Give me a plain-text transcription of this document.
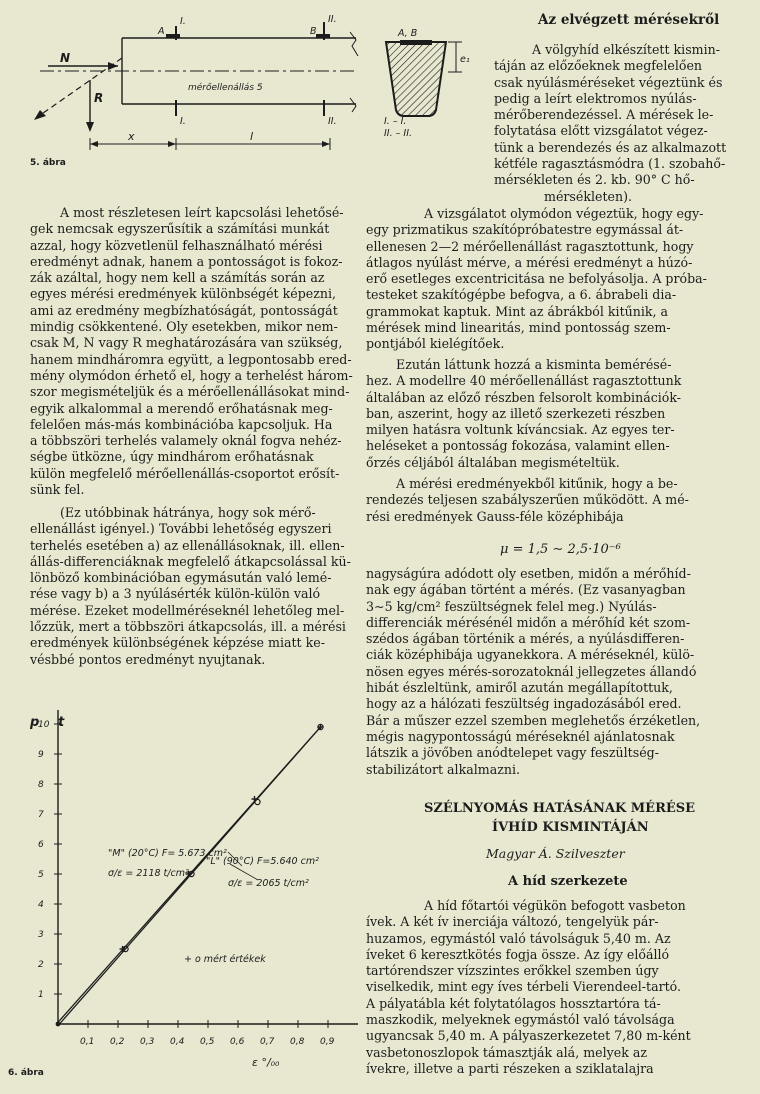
N
R
x	l
A	B
I.	II.
I.	II.
mérőellenállás 5
A, B
e₁
I. – I.
II. – II.

5. ábra

A most részletesen leírt kapcsolási lehetősé-
gek nemcsak egyszerűsítik a számítási munkát
azzal, hogy közvetlenül felhasználható mérési
eredményt adnak, hanem a pontosságot is fokoz-
zák azáltal, hogy nem kell a számítás során az
egyes mérési eredmények különbségét képezni,
ami az eredmény megbízhatóságát, pontosságát
mindig csökkentené. Oly esetekben, mikor nem-
csak M, N vagy R meghatározására van szükség,
hanem mindháromra együtt, a legpontosabb ered-
mény olymódon érhető el, hogy a terhelést három-
szor megismételjük és a mérőellenállásokat mind-
egyik alkalommal a merendő erőhatásnak meg-
felelően más-más kombinációba kapcsoljuk. Ha
a többszöri terhelés valamely oknál fogva nehéz-
ségbe ütközne, úgy mindhárom erőhatásnak
külön megfelelő mérőellenállás-csoportot erősít-
sünk fel.
(Ez utóbbinak hátránya, hogy sok mérő-
ellenállást igényel.) További lehetőség egyszeri
terhelés esetében a) az ellenállásoknak, ill. ellen-
állás-differenciáknak megfelelő átkapcsolással kü-
lönböző kombinációban egymásután való lemé-
rése vagy b) a 3 nyúlásérték külön-külön való
mérése. Ezeket modellméréseknél lehetőleg mel-
lőzzük, mert a többszöri átkapcsolás, ill. a mérési
eredmények különbségének képzése miatt ke-
vésbbé pontos eredményt nyujtanak.
p t
ε °/₀₀
"M" (20°C) F= 5.673 cm²
σ/ε = 2118 t/cm²
"L" (90°C) F=5.640 cm²
σ/ε = 2065 t/cm²
+ o mért értékek
1
2
3
4
5
6
7
8
9
10
0,1 0,2 0,3 0,4 0,5 0,6 0,7 0,8 0,9

6. ábra

Az elvégzett mérésekről

A völgyhíd elkészített kismin-
táján az előzőeknek megfelelően
csak nyúlásméréseket végeztünk és
pedig a leírt elektromos nyúlás-
mérőberendezéssel. A mérések le-
folytatása előtt vizsgálatot végez-
tünk a berendezés és az alkalmazott
kétféle ragasztásmódra (1. szobahő-
mérsékleten és 2. kb. 90° C hő-
mérsékleten).
A vizsgálatot olymódon végeztük, hogy egy-
egy prizmatikus szakítópróbatestre egymással át-
ellenesen 2—2 mérőellenállást ragasztottunk, hogy
átlagos nyúlást mérve, a mérési eredményt a húzó-
erő esetleges excentricitása ne befolyásolja. A próba-
testeket szakítógépbe befogva, a 6. ábrabeli dia-
grammokat kaptuk. Mint az ábrákból kitűnik, a
mérések mind linearitás, mind pontosság szem-
pontjából kielégítőek.
Ezután láttunk hozzá a kisminta bemérésé-
hez. A modellre 40 mérőellenállást ragasztottunk
általában az előző részben felsorolt kombinációk-
ban, aszerint, hogy az illető szerkezeti részben
milyen hatásra voltunk kíváncsiak. Az egyes ter-
heléseket a pontosság fokozása, valamint ellen-
őrzés céljából általában megismételtük.
A mérési eredményekből kitűnik, hogy a be-
rendezés teljesen szabályszerűen működött. A mé-
rési eredmények Gauss-féle középhibája

μ = 1,5 ∼ 2,5·10⁻⁶

nagyságúra adódott oly esetben, midőn a mérőhíd-
nak egy ágában történt a mérés. (Ez vasanyagban
3∼5 kg/cm² feszültségnek felel meg.) Nyúlás-
differenciák mérésénél midőn a mérőhíd két szom-
szédos ágában történik a mérés, a nyúlásdifferen-
ciák középhibája ugyanekkora. A méréseknél, külö-
nösen egyes mérés-sorozatoknál jellegzetes állandó
hibát észleltünk, amiről azután megállapítottuk,
hogy az a hálózati feszültség ingadozásából ered.
Bár a műszer ezzel szemben meglehetős érzéketlen,
mégis nagypontosságú méréseknél ajánlatosnak
látszik a jövőben anódtelepet vagy feszültség-
stabilizátort alkalmazni.

SZÉLNYOMÁS HATÁSÁNAK MÉRÉSE

ÍVHÍD KISMINTÁJÁN

Magyar Á. Szilveszter

A híd szerkezete

A híd főtartói végükön befogott vasbeton
ívek. A két ív inerciája változó, tengelyük pár-
huzamos, egymástól való távolságuk 5,40 m. Az
íveket 6 keresztkötés fogja össze. Az így előálló
tartórendszer vízszintes erőkkel szemben úgy
viselkedik, mint egy íves térbeli Vierendeel-tartó.
A pályatábla két folytatólagos hossztartóra tá-
maszkodik, melyeknek egymástól való távolsága
ugyancsak 5,40 m. A pályaszerkezetet 7,80 m-ként
vasbetonoszlopok támasztják alá, melyek az
ívekre, illetve a parti részeken a sziklatalajra
